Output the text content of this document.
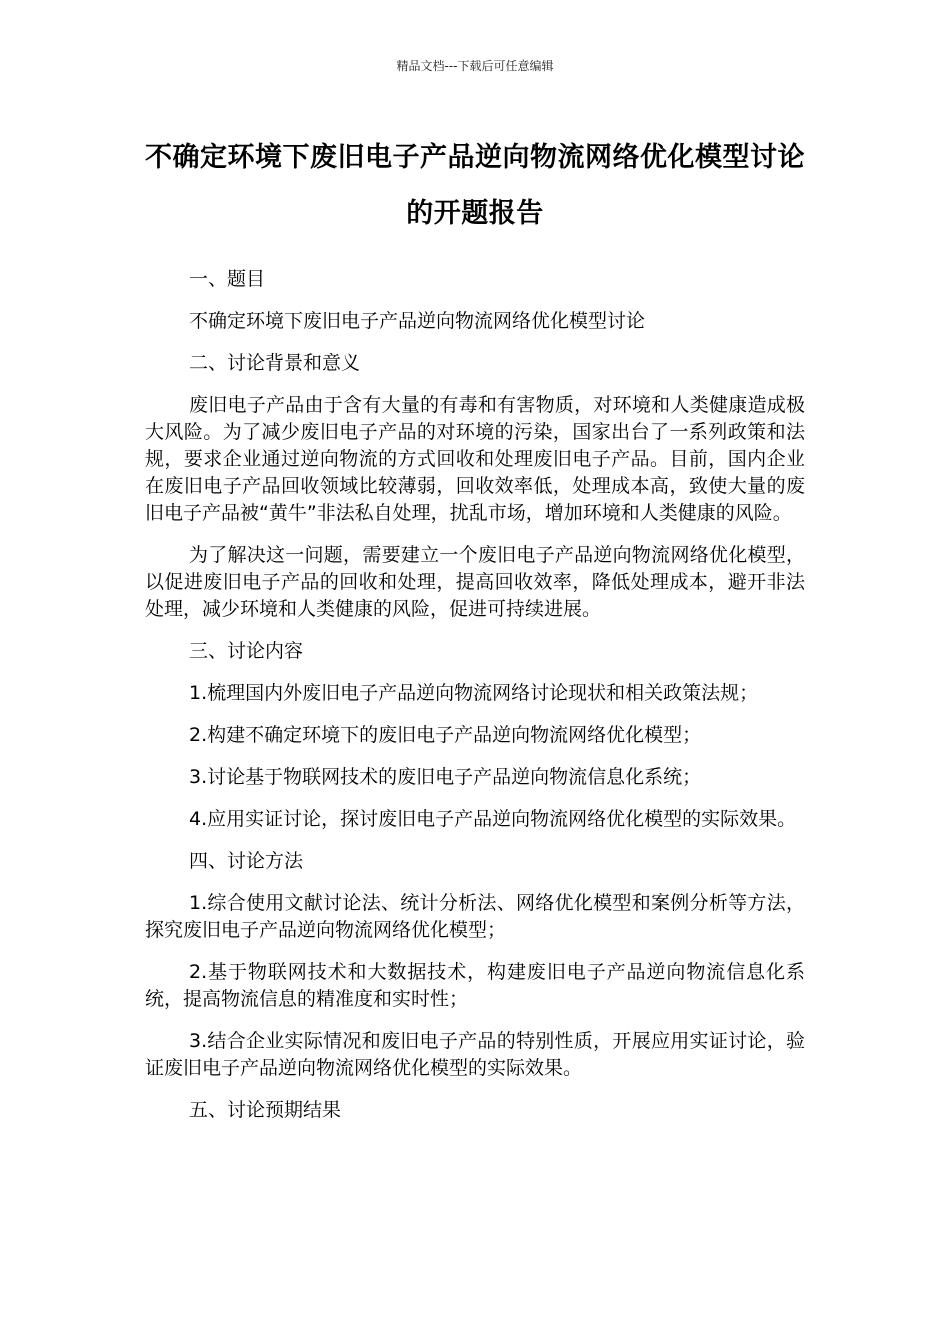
精品文档---下载后可任意编辑
不确定环境下废旧电子产品逆向物流网络优化模型讨论的开题报告

一、题目

不确定环境下废旧电子产品逆向物流网络优化模型讨论

二、讨论背景和意义

废旧电子产品由于含有大量的有毒和有害物质，对环境和人类健康造成极大风险。为了减少废旧电子产品的对环境的污染，国家出台了一系列政策和法规，要求企业通过逆向物流的方式回收和处理废旧电子产品。目前，国内企业在废旧电子产品回收领域比较薄弱，回收效率低，处理成本高，致使大量的废旧电子产品被“黄牛”非法私自处理，扰乱市场，增加环境和人类健康的风险。

为了解决这一问题，需要建立一个废旧电子产品逆向物流网络优化模型，以促进废旧电子产品的回收和处理，提高回收效率，降低处理成本，避开非法处理，减少环境和人类健康的风险，促进可持续进展。

三、讨论内容

1.梳理国内外废旧电子产品逆向物流网络讨论现状和相关政策法规；

2.构建不确定环境下的废旧电子产品逆向物流网络优化模型；

3.讨论基于物联网技术的废旧电子产品逆向物流信息化系统；

4.应用实证讨论，探讨废旧电子产品逆向物流网络优化模型的实际效果。

四、讨论方法

1.综合使用文献讨论法、统计分析法、网络优化模型和案例分析等方法，探究废旧电子产品逆向物流网络优化模型；

2.基于物联网技术和大数据技术，构建废旧电子产品逆向物流信息化系统，提高物流信息的精准度和实时性；

3.结合企业实际情况和废旧电子产品的特别性质，开展应用实证讨论，验证废旧电子产品逆向物流网络优化模型的实际效果。

五、讨论预期结果
